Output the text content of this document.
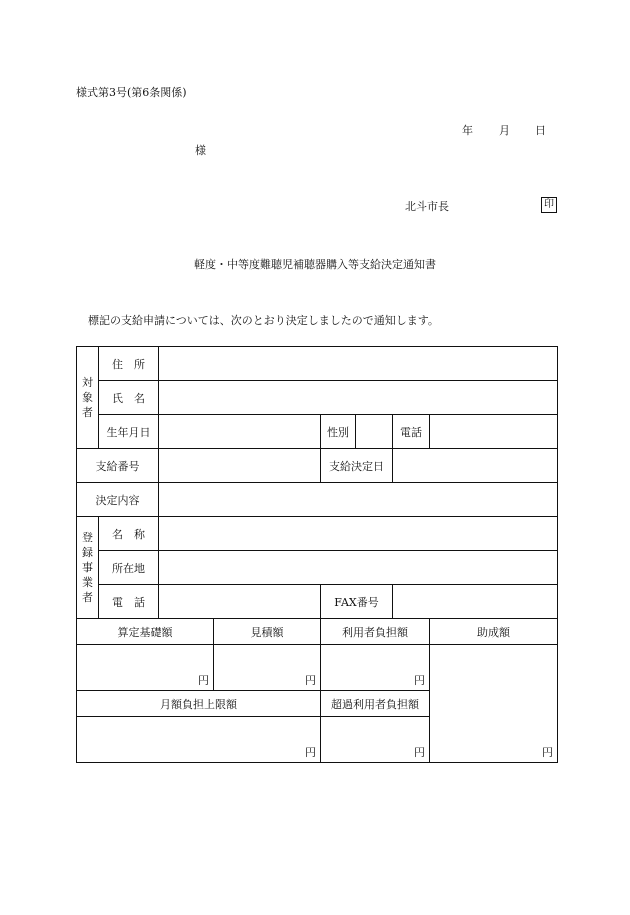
様式第3号(第6条関係)
年 月 日
様
北斗市長	印
軽度・中等度難聴児補聴器購入等支給決定通知書
標記の支給申請については、次のとおり決定しましたので通知します。
対
象
者	住　所						
	氏　名						
	生年月日			性別		電話	
支給番号				支給決定日			
決定内容							

登
録
事
業
者	名　称						
	所在地						
	電　話			FAX番号			
算定基礎額			見積額	利用者負担額			助成額
円			円	円			円
月額負担上限額				超過利用者負担額			
円				円			
